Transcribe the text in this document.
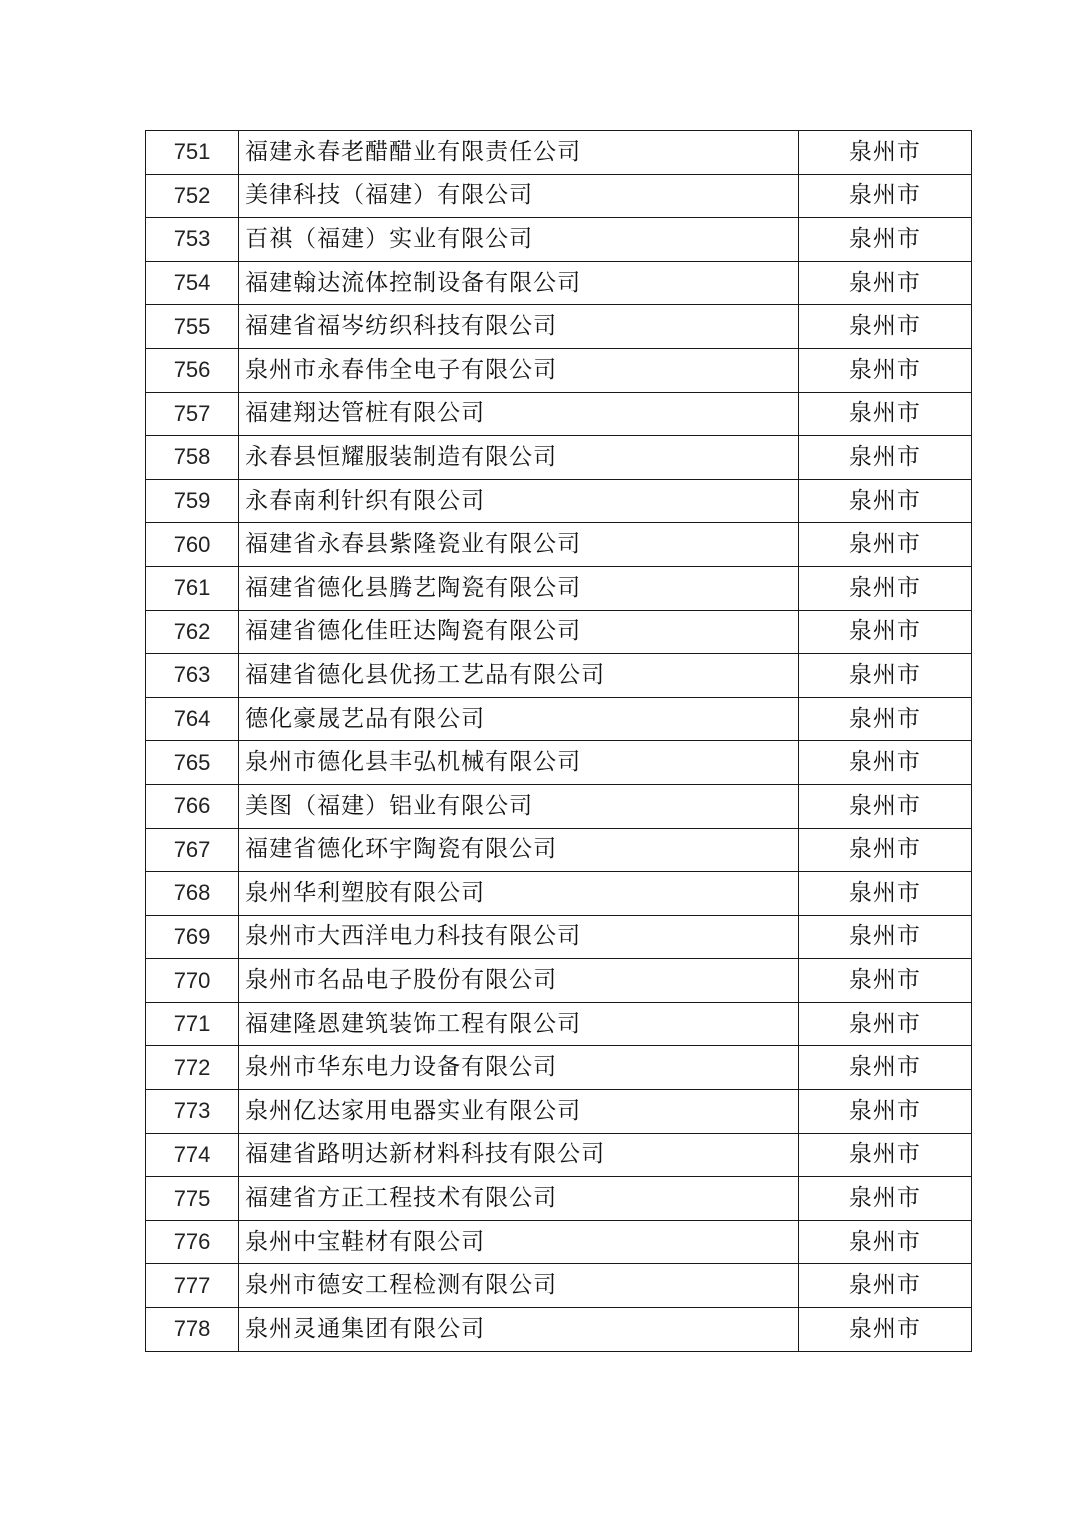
751	福建永春老醋醋业有限责任公司	泉州市
752	美律科技（福建）有限公司	泉州市
753	百祺（福建）实业有限公司	泉州市
754	福建翰达流体控制设备有限公司	泉州市
755	福建省福岑纺织科技有限公司	泉州市
756	泉州市永春伟全电子有限公司	泉州市
757	福建翔达管桩有限公司	泉州市
758	永春县恒耀服装制造有限公司	泉州市
759	永春南利针织有限公司	泉州市
760	福建省永春县紫隆瓷业有限公司	泉州市
761	福建省德化县腾艺陶瓷有限公司	泉州市
762	福建省德化佳旺达陶瓷有限公司	泉州市
763	福建省德化县优扬工艺品有限公司	泉州市
764	德化豪晟艺品有限公司	泉州市
765	泉州市德化县丰弘机械有限公司	泉州市
766	美图（福建）铝业有限公司	泉州市
767	福建省德化环宇陶瓷有限公司	泉州市
768	泉州华利塑胶有限公司	泉州市
769	泉州市大西洋电力科技有限公司	泉州市
770	泉州市名品电子股份有限公司	泉州市
771	福建隆恩建筑装饰工程有限公司	泉州市
772	泉州市华东电力设备有限公司	泉州市
773	泉州亿达家用电器实业有限公司	泉州市
774	福建省路明达新材料科技有限公司	泉州市
775	福建省方正工程技术有限公司	泉州市
776	泉州中宝鞋材有限公司	泉州市
777	泉州市德安工程检测有限公司	泉州市
778	泉州灵通集团有限公司	泉州市
